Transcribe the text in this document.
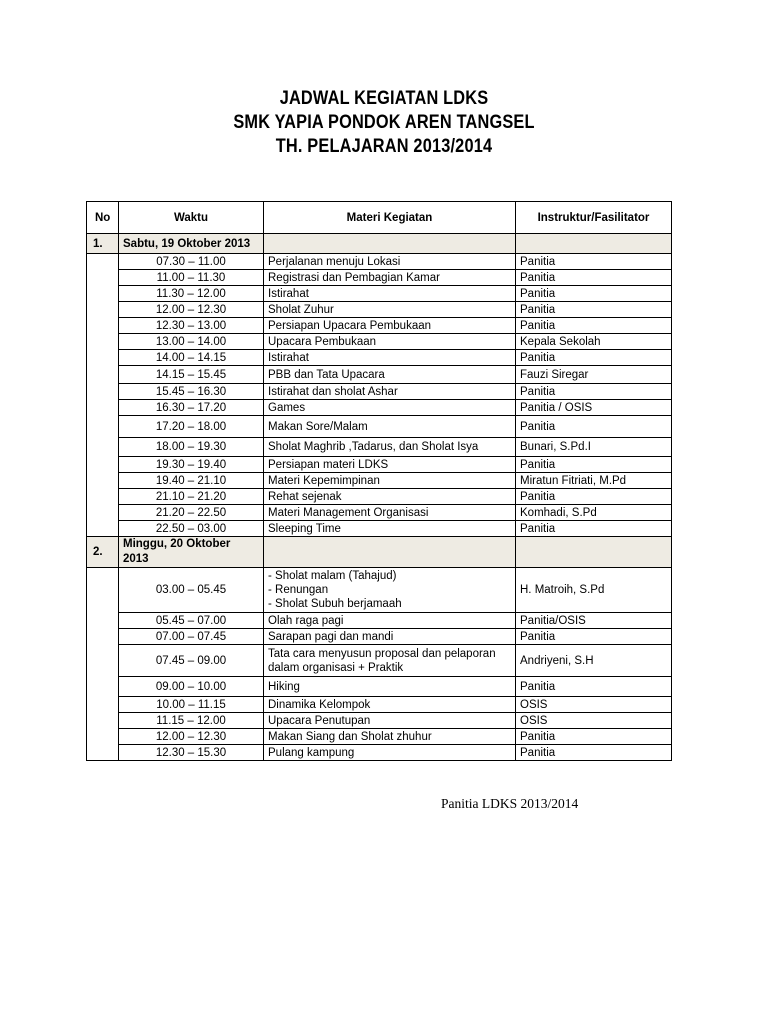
JADWAL KEGIATAN LDKS
SMK YAPIA PONDOK AREN TANGSEL
TH. PELAJARAN 2013/2014
No	Waktu	Materi Kegiatan	Instruktur/Fasilitator
1.	Sabtu, 19 Oktober 2013		
	07.30 – 11.00	Perjalanan menuju Lokasi	Panitia
	11.00 – 11.30	Registrasi dan Pembagian Kamar	Panitia
	11.30 – 12.00	Istirahat	Panitia
	12.00 – 12.30	Sholat Zuhur	Panitia
	12.30 – 13.00	Persiapan Upacara Pembukaan	Panitia
	13.00 – 14.00	Upacara Pembukaan	Kepala Sekolah
	14.00 – 14.15	Istirahat	Panitia
	14.15 – 15.45	PBB dan Tata Upacara	Fauzi Siregar
	15.45 – 16.30	Istirahat dan sholat Ashar	Panitia
	16.30 – 17.20	Games	Panitia / OSIS
	17.20 – 18.00	Makan Sore/Malam	Panitia
	18.00 – 19.30	Sholat Maghrib ,Tadarus, dan Sholat Isya	Bunari, S.Pd.I
	19.30 – 19.40	Persiapan materi LDKS	Panitia
	19.40 – 21.10	Materi Kepemimpinan	Miratun Fitriati, M.Pd
	21.10 – 21.20	Rehat sejenak	Panitia
	21.20 – 22.50	Materi Management Organisasi	Komhadi, S.Pd
	22.50 – 03.00	Sleeping Time	Panitia
2.	Minggu, 20 Oktober 2013		
	03.00 – 05.45	- Sholat malam (Tahajud)
- Renungan
- Sholat Subuh berjamaah	H. Matroih, S.Pd
	05.45 – 07.00	Olah raga pagi	Panitia/OSIS
	07.00 – 07.45	Sarapan pagi dan mandi	Panitia
	07.45 – 09.00	Tata cara menyusun proposal dan pelaporan
dalam organisasi + Praktik	Andriyeni, S.H
	09.00 – 10.00	Hiking	Panitia
	10.00 – 11.15	Dinamika Kelompok	OSIS
	11.15 – 12.00	Upacara Penutupan	OSIS
	12.00 – 12.30	Makan Siang dan Sholat zhuhur	Panitia
	12.30 – 15.30	Pulang kampung	Panitia
Panitia LDKS 2013/2014
